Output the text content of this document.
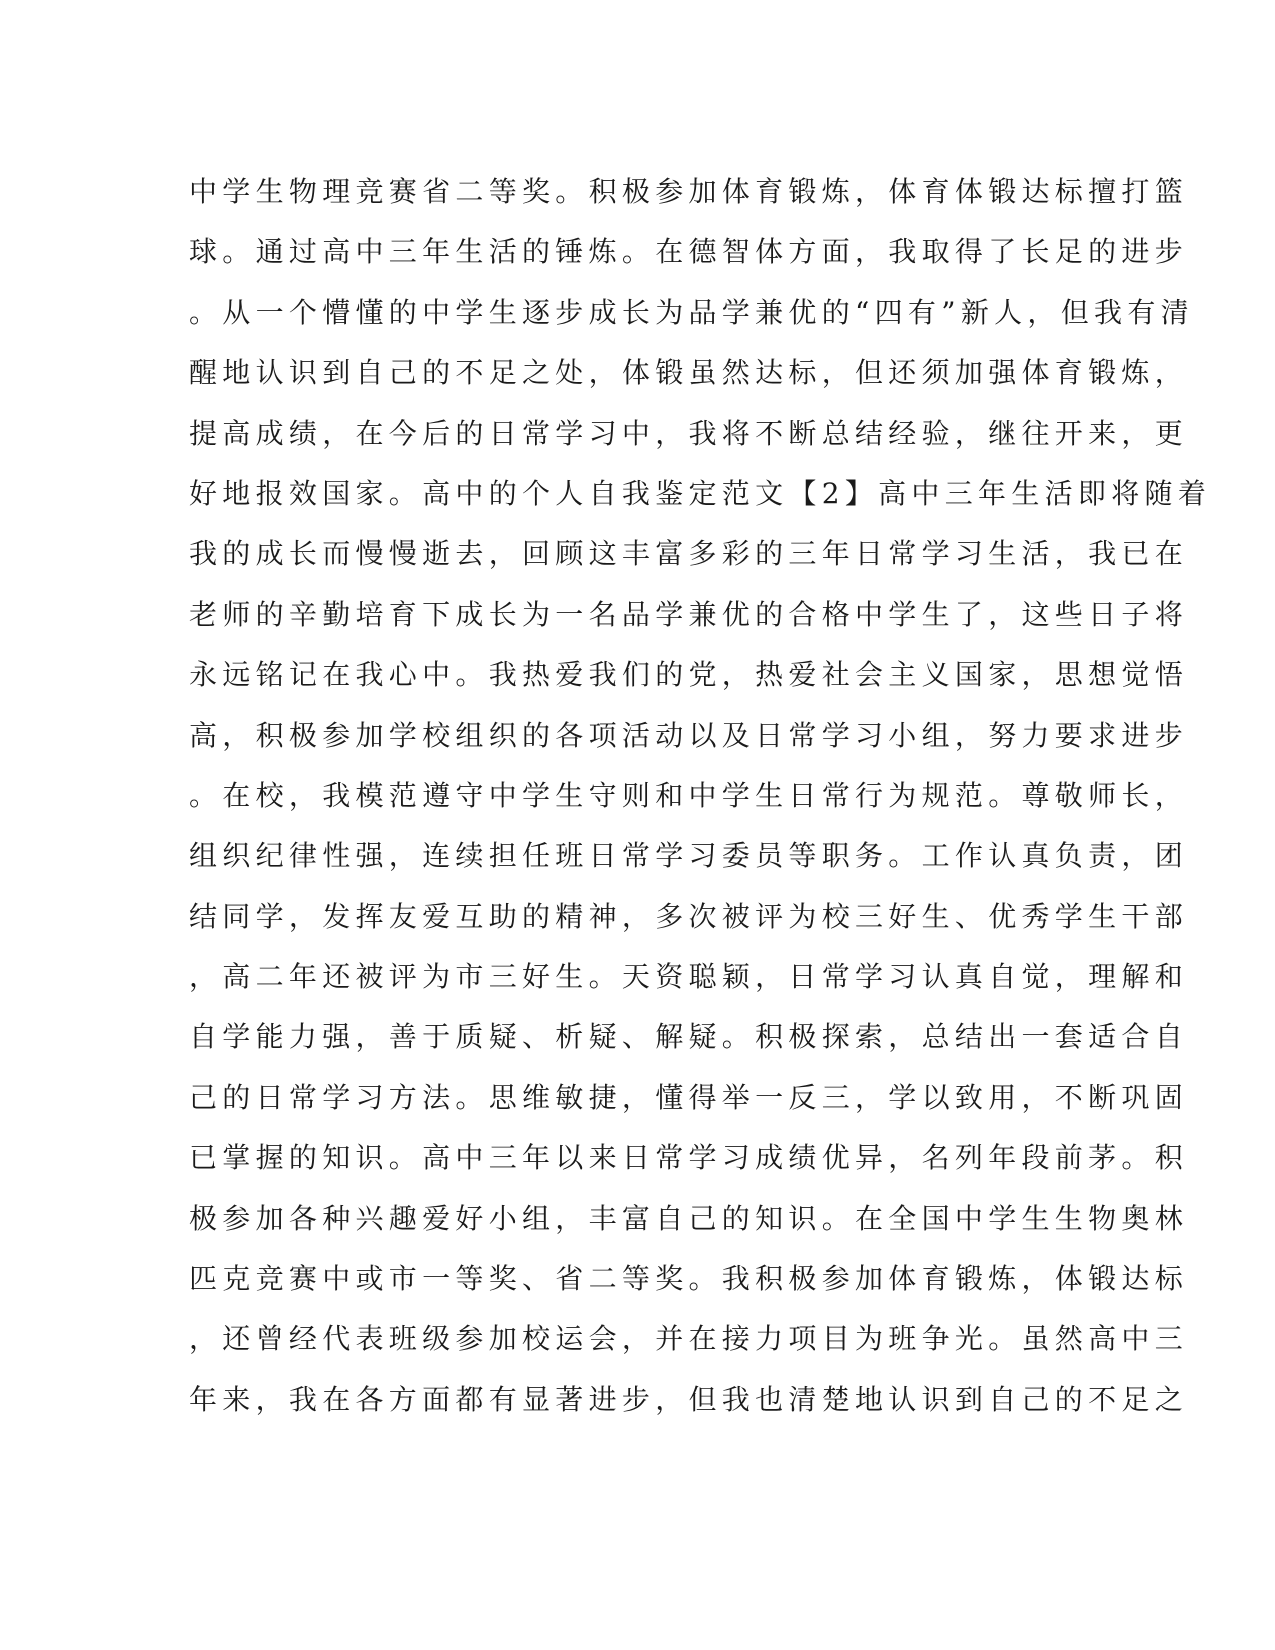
中学生物理竞赛省二等奖。积极参加体育锻炼，体育体锻达标擅打篮
球。通过高中三年生活的锤炼。在德智体方面，我取得了长足的进步
。从一个懵懂的中学生逐步成长为品学兼优的“四有”新人，但我有清
醒地认识到自己的不足之处，体锻虽然达标，但还须加强体育锻炼，
提高成绩，在今后的日常学习中，我将不断总结经验，继往开来，更
好地报效国家。高中的个人自我鉴定范文【2】高中三年生活即将随着
我的成长而慢慢逝去，回顾这丰富多彩的三年日常学习生活，我已在
老师的辛勤培育下成长为一名品学兼优的合格中学生了，这些日子将
永远铭记在我心中。我热爱我们的党，热爱社会主义国家，思想觉悟
高，积极参加学校组织的各项活动以及日常学习小组，努力要求进步
。在校，我模范遵守中学生守则和中学生日常行为规范。尊敬师长，
组织纪律性强，连续担任班日常学习委员等职务。工作认真负责，团
结同学，发挥友爱互助的精神，多次被评为校三好生、优秀学生干部
，高二年还被评为市三好生。天资聪颖，日常学习认真自觉，理解和
自学能力强，善于质疑、析疑、解疑。积极探索，总结出一套适合自
己的日常学习方法。思维敏捷，懂得举一反三，学以致用，不断巩固
已掌握的知识。高中三年以来日常学习成绩优异，名列年段前茅。积
极参加各种兴趣爱好小组，丰富自己的知识。在全国中学生生物奥林
匹克竞赛中或市一等奖、省二等奖。我积极参加体育锻炼，体锻达标
，还曾经代表班级参加校运会，并在接力项目为班争光。虽然高中三
年来，我在各方面都有显著进步，但我也清楚地认识到自己的不足之
